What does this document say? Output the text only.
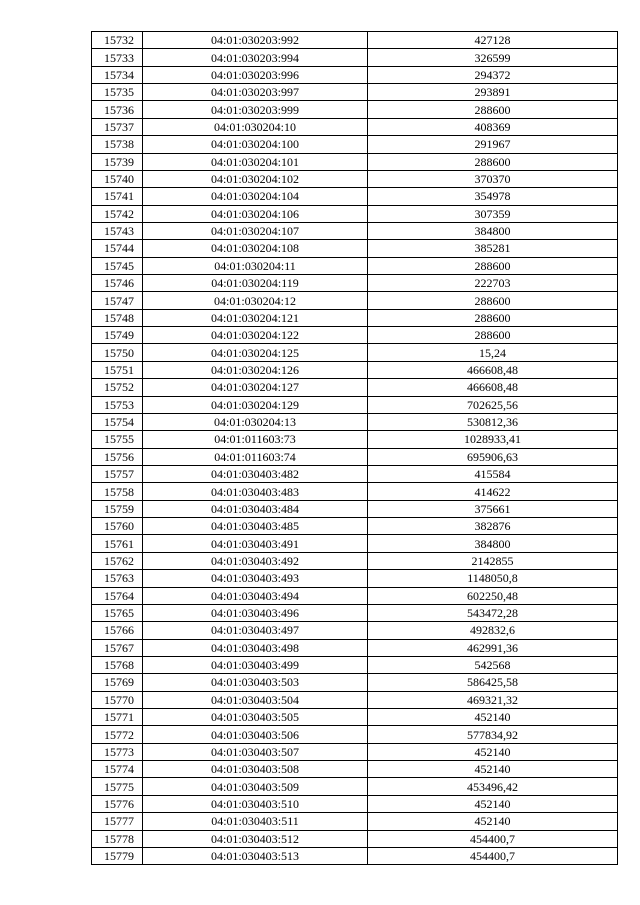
15732	04:01:030203:992	427128
15733	04:01:030203:994	326599
15734	04:01:030203:996	294372
15735	04:01:030203:997	293891
15736	04:01:030203:999	288600
15737	04:01:030204:10	408369
15738	04:01:030204:100	291967
15739	04:01:030204:101	288600
15740	04:01:030204:102	370370
15741	04:01:030204:104	354978
15742	04:01:030204:106	307359
15743	04:01:030204:107	384800
15744	04:01:030204:108	385281
15745	04:01:030204:11	288600
15746	04:01:030204:119	222703
15747	04:01:030204:12	288600
15748	04:01:030204:121	288600
15749	04:01:030204:122	288600
15750	04:01:030204:125	15,24
15751	04:01:030204:126	466608,48
15752	04:01:030204:127	466608,48
15753	04:01:030204:129	702625,56
15754	04:01:030204:13	530812,36
15755	04:01:011603:73	1028933,41
15756	04:01:011603:74	695906,63
15757	04:01:030403:482	415584
15758	04:01:030403:483	414622
15759	04:01:030403:484	375661
15760	04:01:030403:485	382876
15761	04:01:030403:491	384800
15762	04:01:030403:492	2142855
15763	04:01:030403:493	1148050,8
15764	04:01:030403:494	602250,48
15765	04:01:030403:496	543472,28
15766	04:01:030403:497	492832,6
15767	04:01:030403:498	462991,36
15768	04:01:030403:499	542568
15769	04:01:030403:503	586425,58
15770	04:01:030403:504	469321,32
15771	04:01:030403:505	452140
15772	04:01:030403:506	577834,92
15773	04:01:030403:507	452140
15774	04:01:030403:508	452140
15775	04:01:030403:509	453496,42
15776	04:01:030403:510	452140
15777	04:01:030403:511	452140
15778	04:01:030403:512	454400,7
15779	04:01:030403:513	454400,7
